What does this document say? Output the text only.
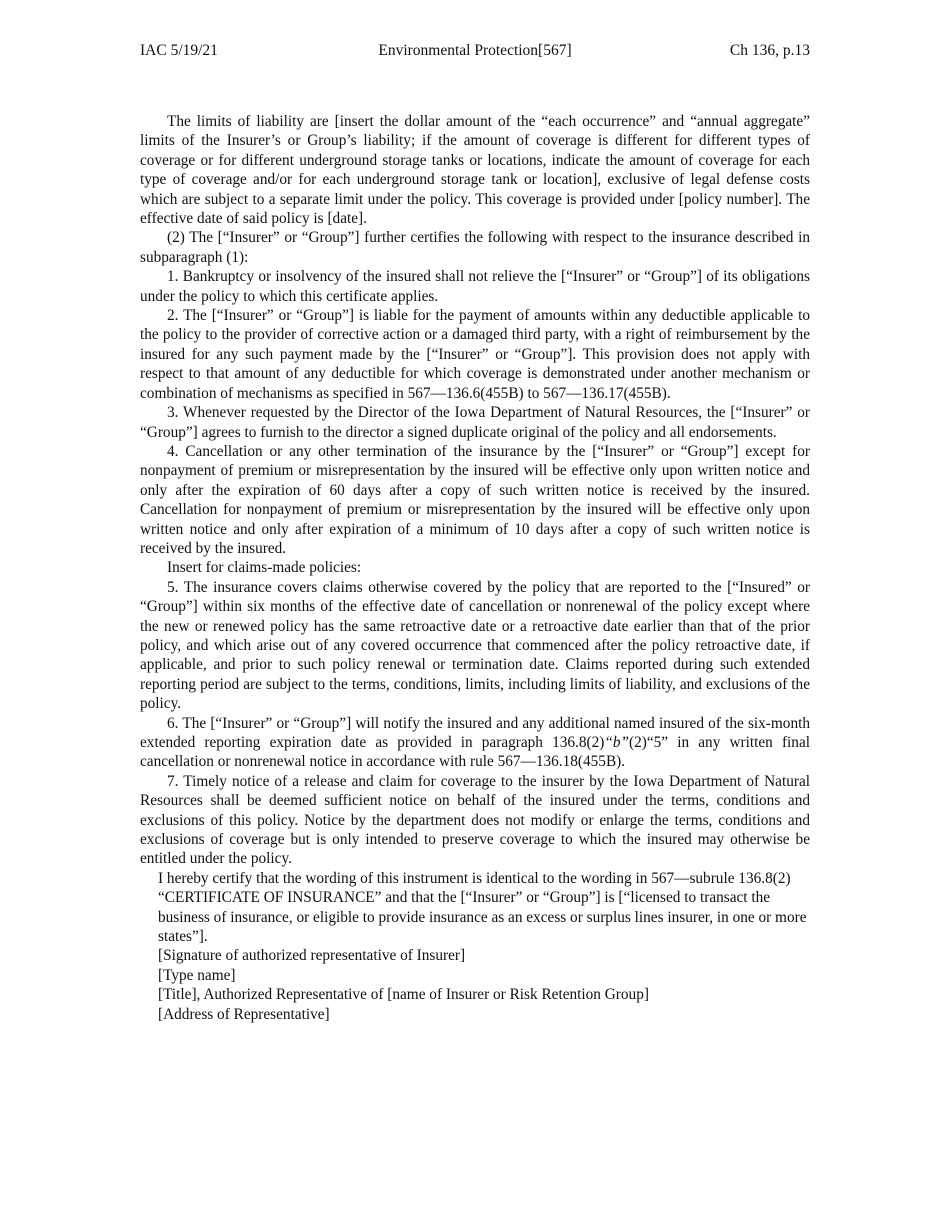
IAC 5/19/21	Environmental Protection[567]	Ch 136, p.13

The limits of liability are [insert the dollar amount of the “each occurrence” and “annual aggregate” limits of the Insurer’s or Group’s liability; if the amount of coverage is different for different types of coverage or for different underground storage tanks or locations, indicate the amount of coverage for each type of coverage and/or for each underground storage tank or location], exclusive of legal defense costs which are subject to a separate limit under the policy. This coverage is provided under [policy number]. The effective date of said policy is [date].

(2) The [“Insurer” or “Group”] further certifies the following with respect to the insurance described in subparagraph (1):

1. Bankruptcy or insolvency of the insured shall not relieve the [“Insurer” or “Group”] of its obligations under the policy to which this certificate applies.

2. The [“Insurer” or “Group”] is liable for the payment of amounts within any deductible applicable to the policy to the provider of corrective action or a damaged third party, with a right of reimbursement by the insured for any such payment made by the [“Insurer” or “Group”]. This provision does not apply with respect to that amount of any deductible for which coverage is demonstrated under another mechanism or combination of mechanisms as specified in 567—136.6(455B) to 567—136.17(455B).

3. Whenever requested by the Director of the Iowa Department of Natural Resources, the [“Insurer” or “Group”] agrees to furnish to the director a signed duplicate original of the policy and all endorsements.

4. Cancellation or any other termination of the insurance by the [“Insurer” or “Group”] except for nonpayment of premium or misrepresentation by the insured will be effective only upon written notice and only after the expiration of 60 days after a copy of such written notice is received by the insured. Cancellation for nonpayment of premium or misrepresentation by the insured will be effective only upon written notice and only after expiration of a minimum of 10 days after a copy of such written notice is received by the insured.

Insert for claims-made policies:

5. The insurance covers claims otherwise covered by the policy that are reported to the [“Insured” or “Group”] within six months of the effective date of cancellation or nonrenewal of the policy except where the new or renewed policy has the same retroactive date or a retroactive date earlier than that of the prior policy, and which arise out of any covered occurrence that commenced after the policy retroactive date, if applicable, and prior to such policy renewal or termination date. Claims reported during such extended reporting period are subject to the terms, conditions, limits, including limits of liability, and exclusions of the policy.

6. The [“Insurer” or “Group”] will notify the insured and any additional named insured of the six-month extended reporting expiration date as provided in paragraph 136.8(2)“b”(2)“5” in any written final cancellation or nonrenewal notice in accordance with rule 567—136.18(455B).

7. Timely notice of a release and claim for coverage to the insurer by the Iowa Department of Natural Resources shall be deemed sufficient notice on behalf of the insured under the terms, conditions and exclusions of this policy. Notice by the department does not modify or enlarge the terms, conditions and exclusions of coverage but is only intended to preserve coverage to which the insured may otherwise be entitled under the policy.

I hereby certify that the wording of this instrument is identical to the wording in 567—subrule 136.8(2) “CERTIFICATE OF INSURANCE” and that the [“Insurer” or “Group”] is [“licensed to transact the business of insurance, or eligible to provide insurance as an excess or surplus lines insurer, in one or more states”].

[Signature of authorized representative of Insurer]

[Type name]

[Title], Authorized Representative of [name of Insurer or Risk Retention Group]

[Address of Representative]
